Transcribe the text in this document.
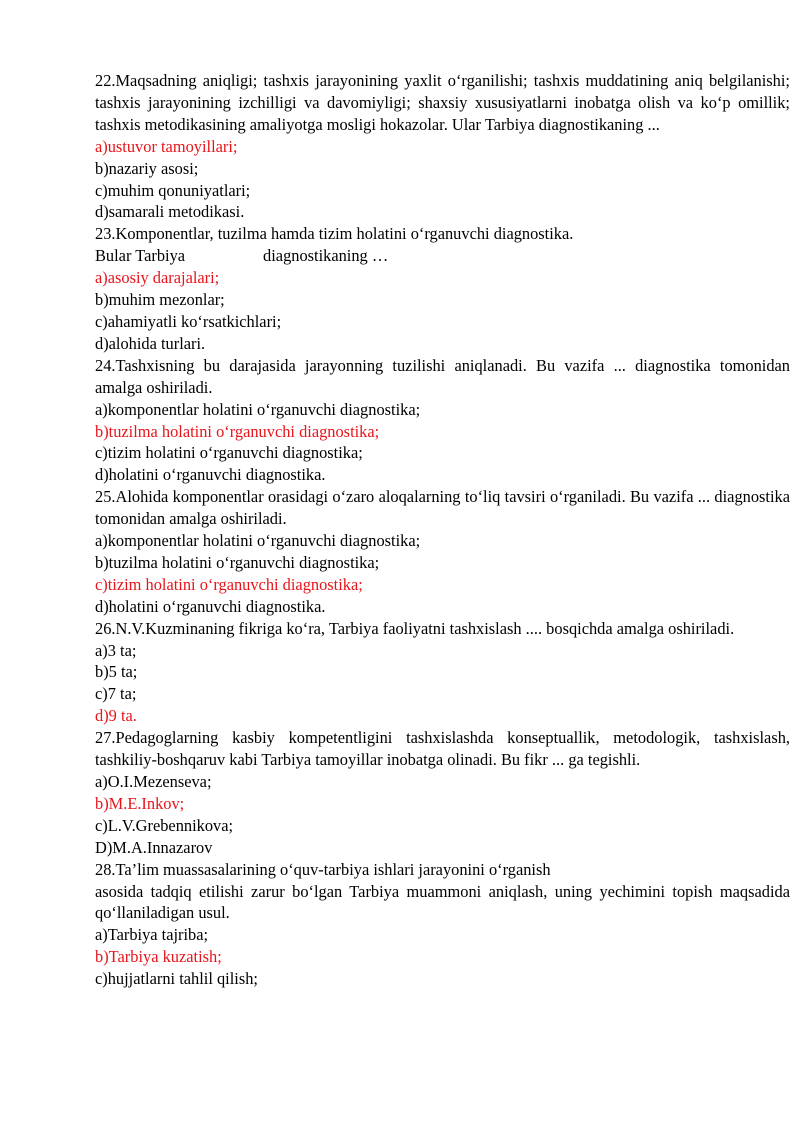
22.Maqsadning aniqligi; tashxis jarayonining yaxlit o‘rganilishi; tashxis muddatining aniq belgilanishi; tashxis jarayonining izchilligi va davomiyligi; shaxsiy xususiyatlarni inobatga olish va ko‘p omillik; tashxis metodikasining amaliyotga mosligi hokazolar. Ular Tarbiya diagnostikaning ...
a)ustuvor tamoyillari;
b)nazariy asosi;
c)muhim qonuniyatlari;
d)samarali metodikasi.
23.Komponentlar, tuzilma hamda tizim holatini o‘rganuvchi diagnostika.
Bular Tarbiya	diagnostikaning …
a)asosiy darajalari;
b)muhim mezonlar;
c)ahamiyatli ko‘rsatkichlari;
d)alohida turlari.
24.Tashxisning bu darajasida jarayonning tuzilishi aniqlanadi. Bu vazifa ... diagnostika tomonidan amalga oshiriladi.
a)komponentlar holatini o‘rganuvchi diagnostika;
b)tuzilma holatini o‘rganuvchi diagnostika;
c)tizim holatini o‘rganuvchi diagnostika;
d)holatini o‘rganuvchi diagnostika.
25.Alohida komponentlar orasidagi o‘zaro aloqalarning to‘liq tavsiri o‘rganiladi. Bu vazifa ... diagnostika tomonidan amalga oshiriladi.
a)komponentlar holatini o‘rganuvchi diagnostika;
b)tuzilma holatini o‘rganuvchi diagnostika;
c)tizim holatini o‘rganuvchi diagnostika;
d)holatini o‘rganuvchi diagnostika.
26.N.V.Kuzminaning fikriga ko‘ra, Tarbiya faoliyatni tashxislash .... bosqichda amalga oshiriladi.
a)3 ta;
b)5 ta;
c)7 ta;
d)9 ta.
27.Pedagoglarning kasbiy kompetentligini tashxislashda konseptuallik, metodologik, tashxislash, tashkiliy-boshqaruv kabi Tarbiya tamoyillar inobatga olinadi. Bu fikr ... ga tegishli.
a)O.I.Mezenseva;
b)M.E.Inkov;
c)L.V.Grebennikova;
D)M.A.Innazarov
28.Ta’lim muassasalarining o‘quv-tarbiya ishlari jarayonini o‘rganish
asosida tadqiq etilishi zarur bo‘lgan Tarbiya muammoni aniqlash, uning yechimini topish maqsadida qo‘llaniladigan usul.
a)Tarbiya tajriba;
b)Tarbiya kuzatish;
c)hujjatlarni tahlil qilish;
